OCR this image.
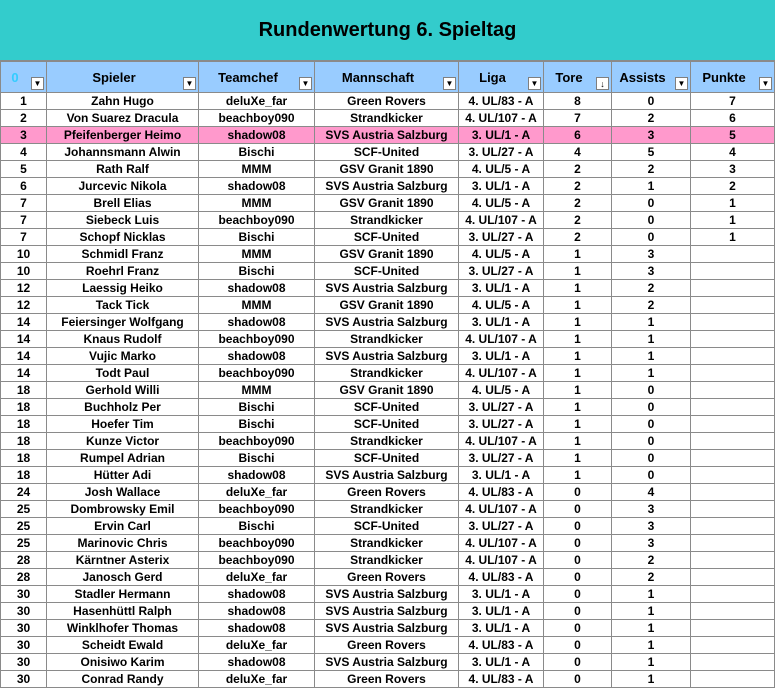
Rundenwertung 6. Spieltag
0 ▼	Spieler ▼	Teamchef ▼	Mannschaft ▼	Liga ▼	Tore ↓	Assists ▼	Punkte ▼

1	Zahn Hugo	deluXe_far	Green Rovers	4. UL/83 - A	8	0	7
2	Von Suarez Dracula	beachboy090	Strandkicker	4. UL/107 - A	7	2	6
3	Pfeifenberger Heimo	shadow08	SVS Austria Salzburg	3. UL/1 - A	6	3	5
4	Johannsmann Alwin	Bischi	SCF-United	3. UL/27 - A	4	5	4
5	Rath Ralf	MMM	GSV Granit 1890	4. UL/5 - A	2	2	3
6	Jurcevic Nikola	shadow08	SVS Austria Salzburg	3. UL/1 - A	2	1	2
7	Brell Elias	MMM	GSV Granit 1890	4. UL/5 - A	2	0	1
7	Siebeck Luis	beachboy090	Strandkicker	4. UL/107 - A	2	0	1
7	Schopf Nicklas	Bischi	SCF-United	3. UL/27 - A	2	0	1
10	Schmidl Franz	MMM	GSV Granit 1890	4. UL/5 - A	1	3	
10	Roehrl Franz	Bischi	SCF-United	3. UL/27 - A	1	3	
12	Laessig Heiko	shadow08	SVS Austria Salzburg	3. UL/1 - A	1	2	
12	Tack Tick	MMM	GSV Granit 1890	4. UL/5 - A	1	2	
14	Feiersinger Wolfgang	shadow08	SVS Austria Salzburg	3. UL/1 - A	1	1	
14	Knaus Rudolf	beachboy090	Strandkicker	4. UL/107 - A	1	1	
14	Vujic Marko	shadow08	SVS Austria Salzburg	3. UL/1 - A	1	1	
14	Todt Paul	beachboy090	Strandkicker	4. UL/107 - A	1	1	
18	Gerhold Willi	MMM	GSV Granit 1890	4. UL/5 - A	1	0	
18	Buchholz Per	Bischi	SCF-United	3. UL/27 - A	1	0	
18	Hoefer Tim	Bischi	SCF-United	3. UL/27 - A	1	0	
18	Kunze Victor	beachboy090	Strandkicker	4. UL/107 - A	1	0	
18	Rumpel Adrian	Bischi	SCF-United	3. UL/27 - A	1	0	
18	Hütter Adi	shadow08	SVS Austria Salzburg	3. UL/1 - A	1	0	
24	Josh Wallace	deluXe_far	Green Rovers	4. UL/83 - A	0	4	
25	Dombrowsky Emil	beachboy090	Strandkicker	4. UL/107 - A	0	3	
25	Ervin Carl	Bischi	SCF-United	3. UL/27 - A	0	3	
25	Marinovic Chris	beachboy090	Strandkicker	4. UL/107 - A	0	3	
28	Kärntner Asterix	beachboy090	Strandkicker	4. UL/107 - A	0	2	
28	Janosch Gerd	deluXe_far	Green Rovers	4. UL/83 - A	0	2	
30	Stadler Hermann	shadow08	SVS Austria Salzburg	3. UL/1 - A	0	1	
30	Hasenhüttl Ralph	shadow08	SVS Austria Salzburg	3. UL/1 - A	0	1	
30	Winklhofer Thomas	shadow08	SVS Austria Salzburg	3. UL/1 - A	0	1	
30	Scheidt Ewald	deluXe_far	Green Rovers	4. UL/83 - A	0	1	
30	Onisiwo Karim	shadow08	SVS Austria Salzburg	3. UL/1 - A	0	1	
30	Conrad Randy	deluXe_far	Green Rovers	4. UL/83 - A	0	1	
